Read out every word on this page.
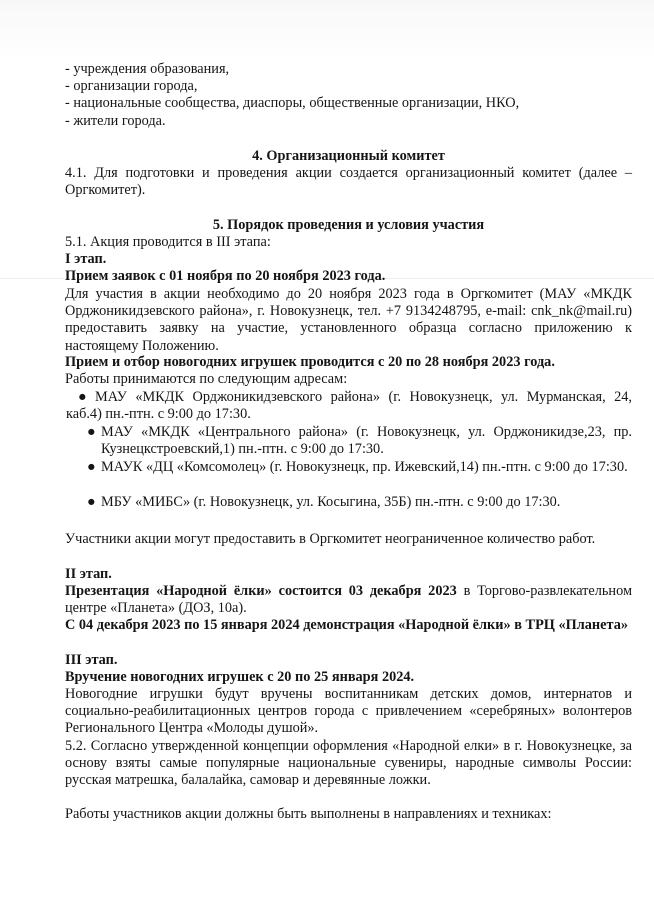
- учреждения образования,
- организации города,
- национальные сообщества, диаспоры, общественные организации, НКО,
- жители города.
4. Организационный комитет
4.1. Для подготовки и проведения акции создается организационный комитет (далее – Оргкомитет).
5. Порядок проведения и условия участия
5.1. Акция проводится в III этапа:
I этап.
Прием заявок с 01 ноября по 20 ноября 2023 года.
Для участия в акции необходимо до 20 ноября 2023 года в Оргкомитет (МАУ «МКДК Орджоникидзевского района», г. Новокузнецк, тел. +7 9134248795, e-mail: cnk_nk@mail.ru) предоставить заявку на участие, установленного образца согласно приложению к настоящему Положению.
Прием и отбор новогодних игрушек проводится с 20 по 28 ноября 2023 года.
Работы принимаются по следующим адресам:
● МАУ «МКДК Орджоникидзевского района» (г. Новокузнецк, ул. Мурманская, 24, каб.4) пн.-птн. с 9:00 до 17:30.
● МАУ «МКДК «Центрального района» (г. Новокузнецк, ул. Орджоникидзе,23, пр. Кузнецкстроевский,1) пн.-птн. с 9:00 до 17:30.
● МАУК «ДЦ «Комсомолец» (г. Новокузнецк, пр. Ижевский,14) пн.-птн. с 9:00 до 17:30.
● МБУ «МИБС» (г. Новокузнецк, ул. Косыгина, 35Б) пн.-птн. с 9:00 до 17:30.
Участники акции могут предоставить в Оргкомитет неограниченное количество работ.
II этап.
Презентация «Народной ёлки» состоится 03 декабря 2023 в Торгово-развлекательном центре «Планета» (ДОЗ, 10а).
С 04 декабря 2023 по 15 января 2024 демонстрация «Народной ёлки» в ТРЦ «Планета»
III этап.
Вручение новогодних игрушек с 20 по 25 января 2024.
Новогодние игрушки будут вручены воспитанникам детских домов, интернатов и социально-реабилитационных центров города с привлечением «серебряных» волонтеров Регионального Центра «Молоды душой».
5.2. Согласно утвержденной концепции оформления «Народной елки» в г. Новокузнецке, за основу взяты самые популярные национальные сувениры, народные символы России: русская матрешка, балалайка, самовар и деревянные ложки.
Работы участников акции должны быть выполнены в направлениях и техниках:
